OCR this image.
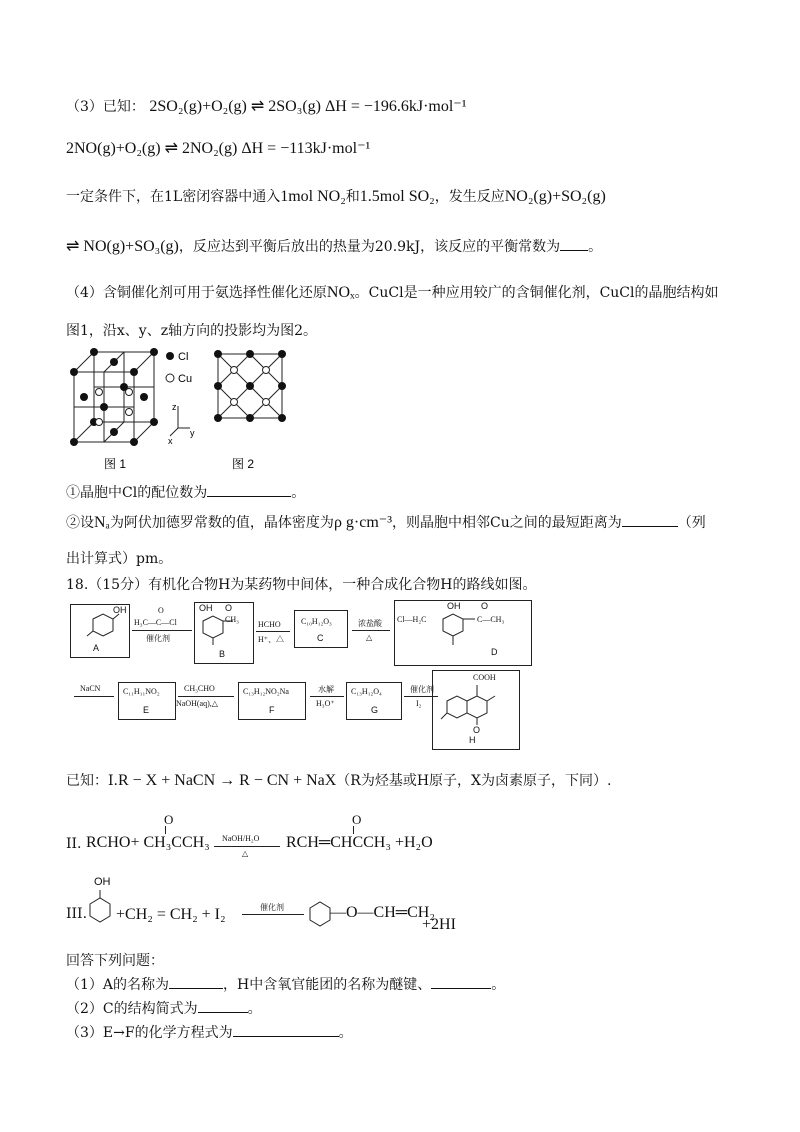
（3）已知： 2SO₂(g)+O₂(g) ⇌ 2SO₃(g) ΔH = −196.6kJ·mol⁻¹
2NO(g)+O₂(g) ⇌ 2NO₂(g) ΔH = −113kJ·mol⁻¹
一定条件下，在1L密闭容器中通入1mol NO₂和1.5mol SO₂，发生反应NO₂(g)+SO₂(g)
⇌ NO(g)+SO₃(g)，反应达到平衡后放出的热量为20.9kJ，该反应的平衡常数为 。
（4）含铜催化剂可用于氨选择性催化还原NOₓ。CuCl是一种应用较广的含铜催化剂，CuCl的晶胞结构如
图1，沿x、y、z轴方向的投影均为图2。
Cl
Cu
z
x
y
图 1	图 2
①晶胞中Cl的配位数为	。
②设Nₐ为阿伏加德罗常数的值，晶体密度为ρ g·cm⁻³，则晶胞中相邻Cu之间的最短距离为	（列
出计算式）pm。
18.（15分）有机化合物H为某药物中间体，一种合成化合物H的路线如图。
OH
A
H₃C—C—Cl
O
催化剂
OH O
CH₃
B
HCHO
H⁺、△
C₁₀H₁₂O₃
C
浓盐酸
△
Cl—H₂C
OH O
C—CH₃
D
NaCN	C₁₁H₁₁NO₂
E
CH₃CHO
NaOH(aq),△
C₁₃H₁₂NO₂Na
F
水解
H₃O⁺
C₁₃H₁₂O₄
G
催化剂
I₂
COOH
O
H
已知：I.R − X + NaCN → R − CN + NaX（R为烃基或H原子，X为卤素原子，下同）.
II. RCHO+ CH₃CCH₃
O
NaOH/H₂O
△
RCH═CHCCH₃ +H₂O
O
III.
OH
+CH₂ = CH₂ + I₂	催化剂	—O—CH═CH₂
+2HI
回答下列问题：
（1）A的名称为	，H中含氧官能团的名称为醚键、	。
（2）C的结构简式为	。
（3）E→F的化学方程式为	。
